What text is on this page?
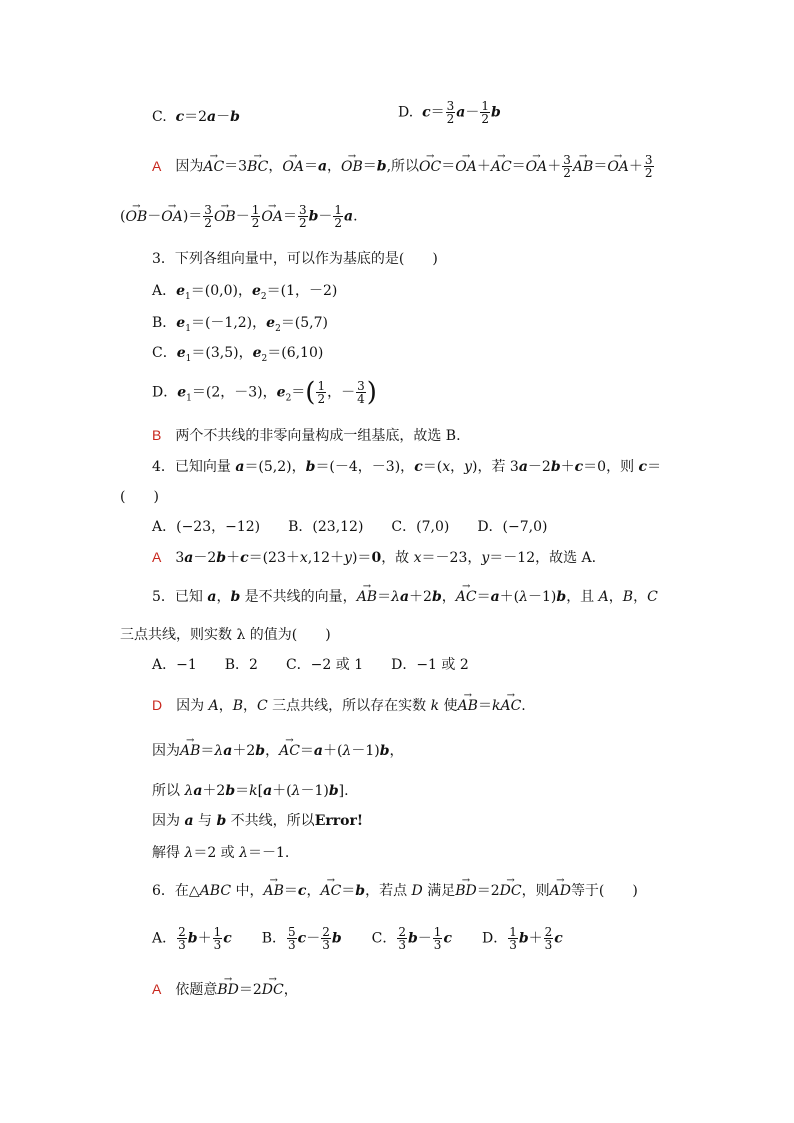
C.  c＝2a－b	D.  $c= \frac{3}{2} a- \frac{1}{2}$ b
A 因为→ AC＝3→ BC，→ OA＝a，→ OB＝b,所以→ $OC=\to OA+\to AC=\to OA+ \frac{3}{2}$
→ $AB=\to OA+ \frac{3}{2}$
(→ $OB-\to OA)= \frac{3}{2}$
→ $OB- \frac{1}{2}$
→ $OA= \frac{3}{2} b- \frac{1}{2} a$.
3．下列各组向量中，可以作为基底的是(　　)
A．$e_1=(0,0)$，$e_2=(1$，－2)
B．$e_1=(-1,2)$，$e_2=(5,7)$
C．$e_1=(3,5)$，$e_2=(6,10)$
D．$e_1=(2$，－3)，$e_2=( \frac{1}{2}$ ，－ $\frac{3}{4}$ )
B 两个不共线的非零向量构成一组基底，故选 B.
4．已知向量 a＝(5,2)，b＝(－4，－3)，c＝(x，y)，若 3a－2b＋c＝0，则 c＝
(　　)
A．(−23，−12)　　B．(23,12)　　C．(7,0)　　D．(−7,0)
A 3a－2b＋c＝(23＋x,12＋y)＝0，故 x＝－23，y＝－12，故选 A.
5．已知 a，b 是不共线的向量，→ AB＝λa＋2b，→ AC＝a＋(λ－1)b，且 A，B，C
三点共线，则实数 λ 的值为(　　)
A．−1　　B．2　　C．−2 或 1　　D．−1 或 2
D 因为 A，B，C 三点共线，所以存在实数 k 使→ AB＝k→ AC.
因为→ AB＝λa＋2b，→ AC＝a＋(λ－1)b，
所以 λa＋2b＝k[a＋(λ－1)b].
因为 a 与 b 不共线，所以Error!
解得 λ＝2 或 λ＝－1.
6．在△ABC 中，→ AB＝c，→ AC＝b，若点 D 满足→ BD＝2→ DC，则→ AD等于(　　)
A． $\frac{2}{3} b+ \frac{1}{3}$ c B． $\frac{5}{3} c- \frac{2}{3}$ b C． $\frac{2}{3} b- \frac{1}{3}$ c D． $\frac{1}{3} b+ \frac{2}{3}$ c
A 依题意→ BD＝2→ DC，
